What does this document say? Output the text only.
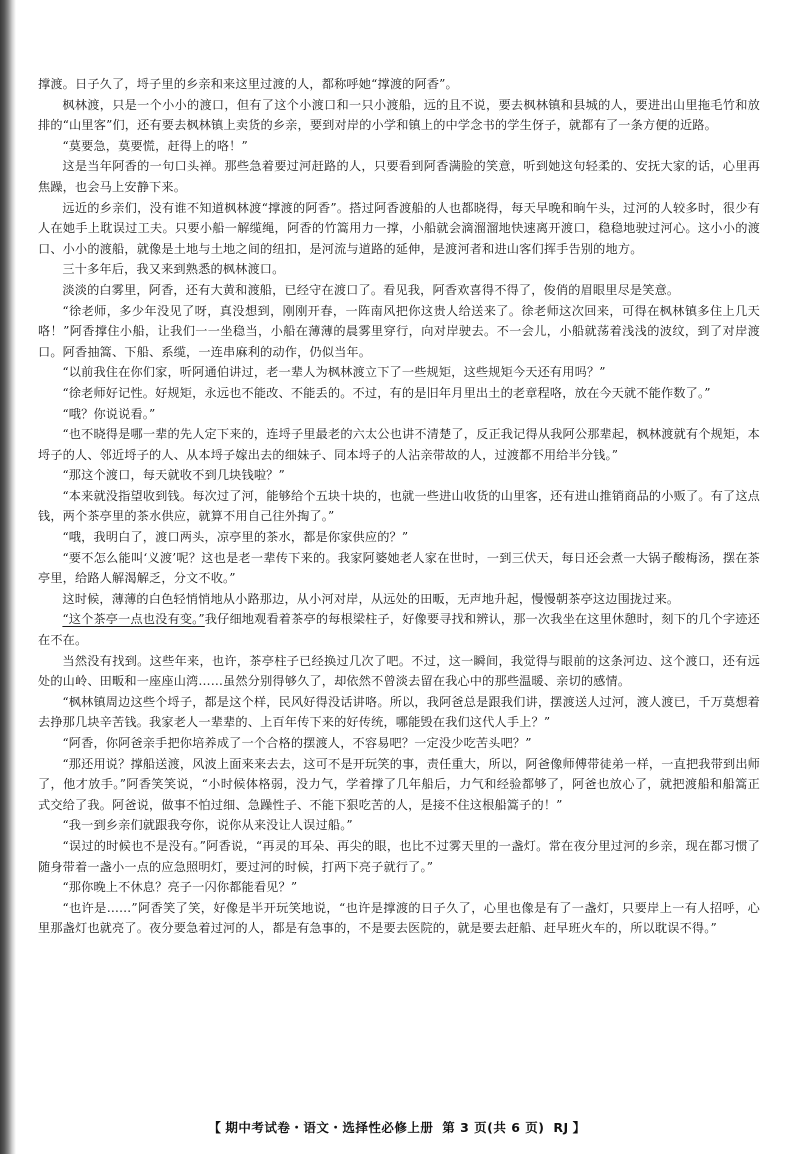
撑渡。日子久了，埒子里的乡亲和来这里过渡的人，都称呼她“撑渡的阿香”。

枫林渡，只是一个小小的渡口，但有了这个小渡口和一只小渡船，远的且不说，要去枫林镇和县城的人，要进出山里拖毛竹和放排的“山里客”们，还有要去枫林镇上卖货的乡亲，要到对岸的小学和镇上的中学念书的学生伢子，就都有了一条方便的近路。

“莫要急，莫要慌，赶得上的咯！”

这是当年阿香的一句口头禅。那些急着要过河赶路的人，只要看到阿香满脸的笑意，听到她这句轻柔的、安抚大家的话，心里再焦躁，也会马上安静下来。

远近的乡亲们，没有谁不知道枫林渡“撑渡的阿香”。搭过阿香渡船的人也都晓得，每天早晚和晌午头，过河的人较多时，很少有人在她手上耽误过工夫。只要小船一解缆绳，阿香的竹篙用力一撑，小船就会滴溜溜地快速离开渡口，稳稳地驶过河心。这小小的渡口、小小的渡船，就像是土地与土地之间的纽扣，是河流与道路的延伸，是渡河者和进山客们挥手告别的地方。

三十多年后，我又来到熟悉的枫林渡口。

淡淡的白雾里，阿香，还有大黄和渡船，已经守在渡口了。看见我，阿香欢喜得不得了，俊俏的眉眼里尽是笑意。

“徐老师，多少年没见了呀，真没想到，刚刚开春，一阵南风把你这贵人给送来了。徐老师这次回来，可得在枫林镇多住上几天咯！”阿香撑住小船，让我们一一坐稳当，小船在薄薄的晨雾里穿行，向对岸驶去。不一会儿，小船就荡着浅浅的波纹，到了对岸渡口。阿香抽篙、下船、系缆，一连串麻利的动作，仍似当年。

“以前我住在你们家，听阿通伯讲过，老一辈人为枫林渡立下了一些规矩，这些规矩今天还有用吗？”

“徐老师好记性。好规矩，永远也不能改、不能丢的。不过，有的是旧年月里出土的老章程咯，放在今天就不能作数了。”

“哦？你说说看。”

“也不晓得是哪一辈的先人定下来的，连埒子里最老的六太公也讲不清楚了，反正我记得从我阿公那辈起，枫林渡就有个规矩，本埒子的人、邻近埒子的人、从本埒子嫁出去的细妹子、同本埒子的人沾亲带故的人，过渡都不用给半分钱。”

“那这个渡口，每天就收不到几块钱啦？”

“本来就没指望收到钱。每次过了河，能够给个五块十块的，也就一些进山收货的山里客，还有进山推销商品的小贩了。有了这点钱，两个茶亭里的茶水供应，就算不用自己往外掏了。”

“哦，我明白了，渡口两头，凉亭里的茶水，都是你家供应的？”

“要不怎么能叫‘义渡’呢？这也是老一辈传下来的。我家阿婆她老人家在世时，一到三伏天，每日还会煮一大锅子酸梅汤，摆在茶亭里，给路人解渴解乏，分文不收。”

这时候，薄薄的白色轻悄悄地从小路那边，从小河对岸，从远处的田畈，无声地升起，慢慢朝茶亭这边围拢过来。

“这个茶亭一点也没有变。”我仔细地观看着茶亭的每根梁柱子，好像要寻找和辨认，那一次我坐在这里休憩时，刻下的几个字迹还在不在。

当然没有找到。这些年来，也许，茶亭柱子已经换过几次了吧。不过，这一瞬间，我觉得与眼前的这条河边、这个渡口，还有远处的山岭、田畈和一座座山湾……虽然分别得够久了，却依然不曾淡去留在我心中的那些温暖、亲切的感情。

“枫林镇周边这些个埒子，都是这个样，民风好得没话讲咯。所以，我阿爸总是跟我们讲，摆渡送人过河，渡人渡已，千万莫想着去挣那几块辛苦钱。我家老人一辈辈的、上百年传下来的好传统，哪能毁在我们这代人手上？”

“阿香，你阿爸亲手把你培养成了一个合格的摆渡人，不容易吧？一定没少吃苦头吧？”

“那还用说？撑船送渡，风波上面来来去去，这可不是开玩笑的事，责任重大，所以，阿爸像师傅带徒弟一样，一直把我带到出师了，他才放手。”阿香笑笑说，“小时候体格弱，没力气，学着撑了几年船后，力气和经验都够了，阿爸也放心了，就把渡船和船篙正式交给了我。阿爸说，做事不怕过细、急躁性子、不能下狠吃苦的人，是接不住这根船篙子的！”

“我一到乡亲们就跟我夸你，说你从来没让人误过船。”

“误过的时候也不是没有。”阿香说，“再灵的耳朵、再尖的眼，也比不过雾天里的一盏灯。常在夜分里过河的乡亲，现在都习惯了随身带着一盏小一点的应急照明灯，要过河的时候，打两下亮子就行了。”

“那你晚上不休息？亮子一闪你都能看见？”

“也许是……”阿香笑了笑，好像是半开玩笑地说，“也许是撑渡的日子久了，心里也像是有了一盏灯，只要岸上一有人招呼，心里那盏灯也就亮了。夜分要急着过河的人，都是有急事的，不是要去医院的，就是要去赶船、赶早班火车的，所以耽误不得。”

【 期中考试卷・语文・选择性必修上册 第 3 页(共 6 页) RJ 】
